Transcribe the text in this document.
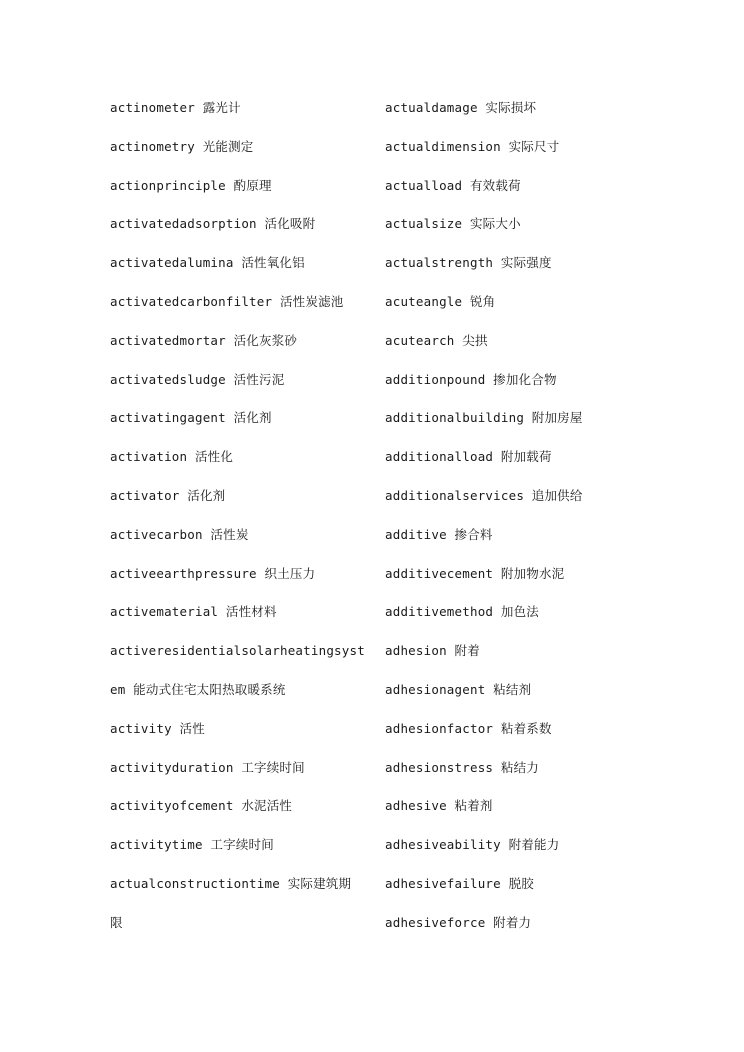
actinometer 露光计
actinometry 光能测定
actionprinciple 酌原理
activatedadsorption 活化吸附
activatedalumina 活性氧化铝
activatedcarbonfilter 活性炭滤池
activatedmortar 活化灰浆砂
activatedsludge 活性污泥
activatingagent 活化剂
activation 活性化
activator 活化剂
activecarbon 活性炭
activeearthpressure 织土压力
activematerial 活性材料
activeresidentialsolarheatingsyst
em 能动式住宅太阳热取暖系统
activity 活性
activityduration 工字续时间
activityofcement 水泥活性
activitytime 工字续时间
actualconstructiontime 实际建筑期
限
actualdamage 实际损坏
actualdimension 实际尺寸
actualload 有效载荷
actualsize 实际大小
actualstrength 实际强度
acuteangle 锐角
acutearch 尖拱
additionpound 掺加化合物
additionalbuilding 附加房屋
additionalload 附加载荷
additionalservices 追加供给
additive 掺合料
additivecement 附加物水泥
additivemethod 加色法
adhesion 附着
adhesionagent 粘结剂
adhesionfactor 粘着系数
adhesionstress 粘结力
adhesive 粘着剂
adhesiveability 附着能力
adhesivefailure 脱胶
adhesiveforce 附着力
